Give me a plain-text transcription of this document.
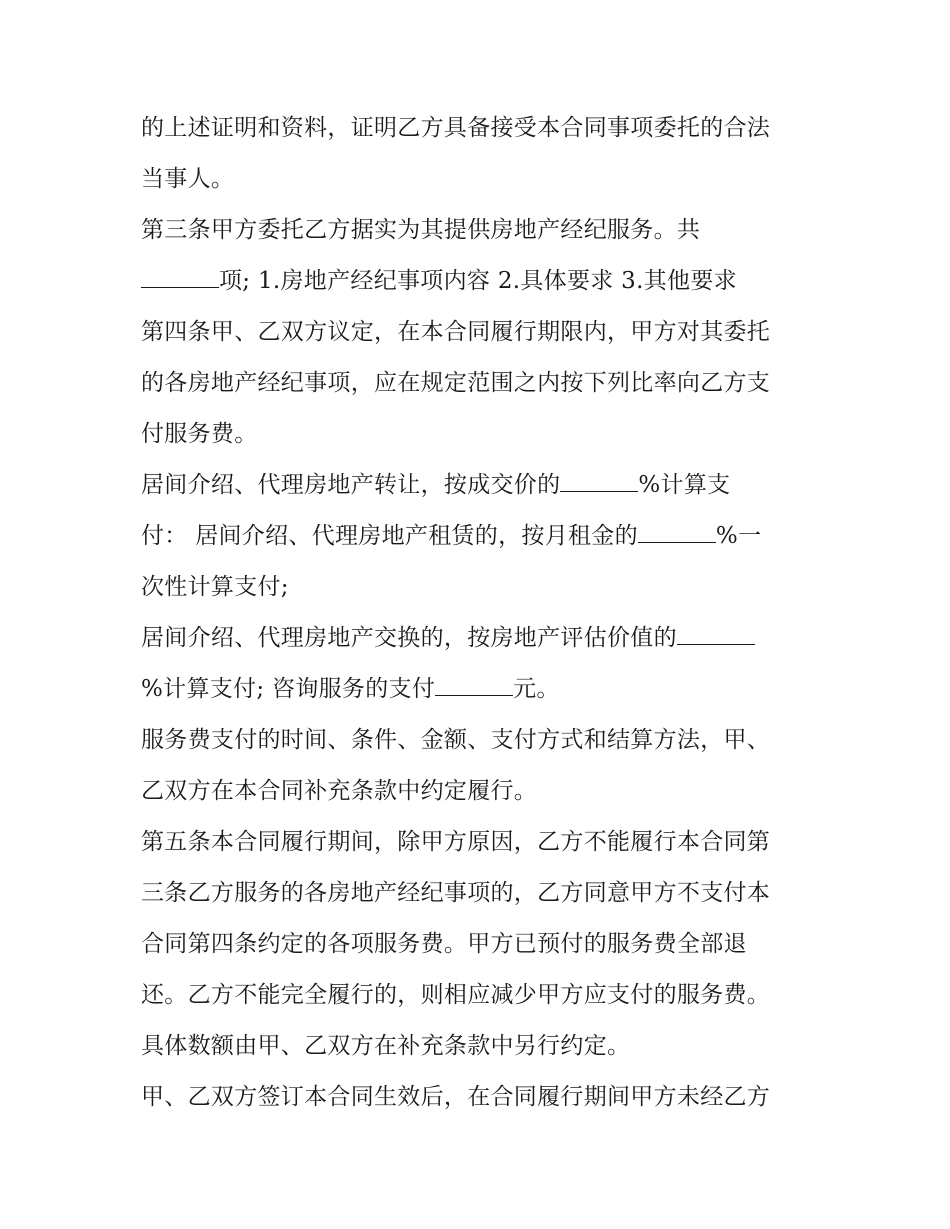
的上述证明和资料，证明乙方具备接受本合同事项委托的合法
当事人。
第三条甲方委托乙方据实为其提供房地产经纪服务。共
项; 1.房地产经纪事项内容 2.具体要求 3.其他要求
第四条甲、乙双方议定，在本合同履行期限内，甲方对其委托
的各房地产经纪事项，应在规定范围之内按下列比率向乙方支
付服务费。
居间介绍、代理房地产转让，按成交价的	%计算支
付： 居间介绍、代理房地产租赁的，按月租金的	%一
次性计算支付;
居间介绍、代理房地产交换的，按房地产评估价值的
%计算支付; 咨询服务的支付	元。
服务费支付的时间、条件、金额、支付方式和结算方法，甲、
乙双方在本合同补充条款中约定履行。
第五条本合同履行期间，除甲方原因，乙方不能履行本合同第
三条乙方服务的各房地产经纪事项的，乙方同意甲方不支付本
合同第四条约定的各项服务费。甲方已预付的服务费全部退
还。乙方不能完全履行的，则相应减少甲方应支付的服务费。
具体数额由甲、乙双方在补充条款中另行约定。
甲、乙双方签订本合同生效后，在合同履行期间甲方未经乙方
